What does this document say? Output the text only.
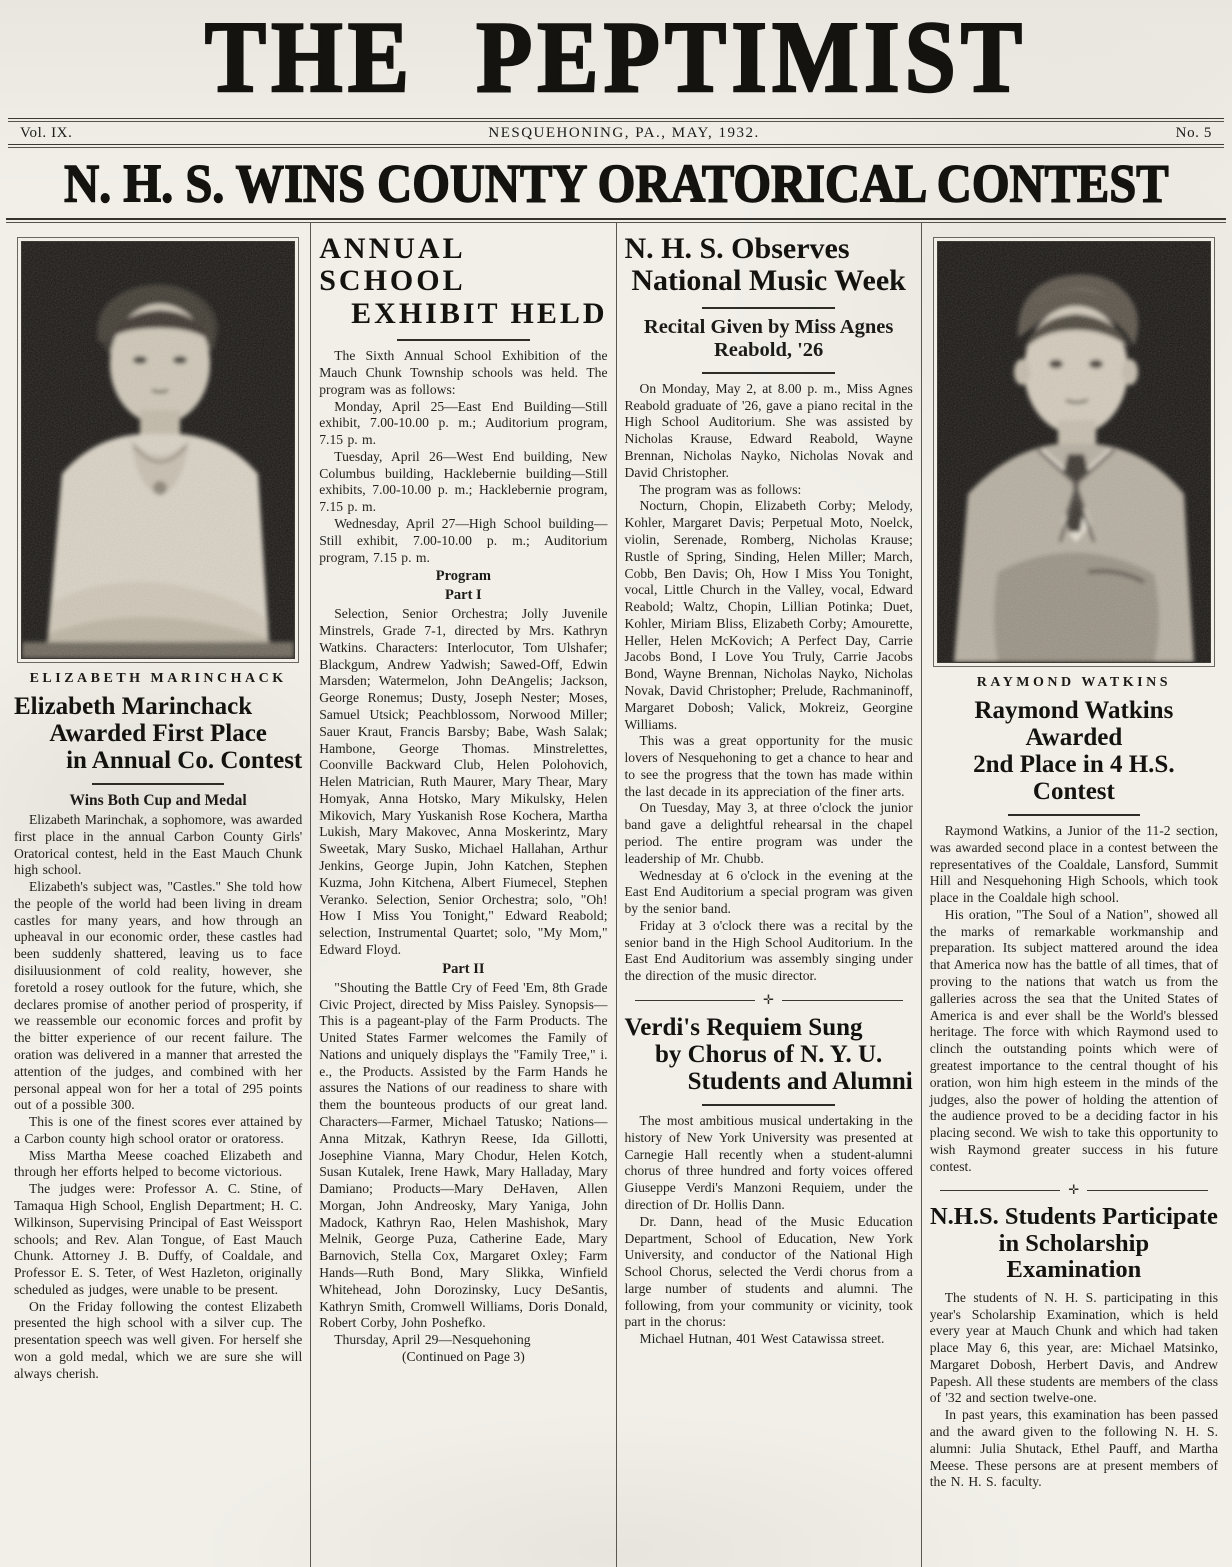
THE PEPTIMIST
Vol. IX.	NESQUEHONING, PA., MAY, 1932.	No. 5
N. H. S. WINS COUNTY ORATORICAL CONTEST
ELIZABETH MARINCHACK
Elizabeth Marinchack
Awarded First Place
in Annual Co. Contest
Wins Both Cup and Medal

Elizabeth Marinchak, a sophomore, was awarded first place in the annual Carbon County Girls' Oratorical contest, held in the East Mauch Chunk high school.

Elizabeth's subject was, "Castles." She told how the people of the world had been living in dream castles for many years, and how through an upheaval in our economic order, these castles had been suddenly shattered, leaving us to face disiluusionment of cold reality, however, she foretold a rosey outlook for the future, which, she declares promise of another period of prosperity, if we reassemble our economic forces and profit by the bitter experience of our recent failure. The oration was delivered in a manner that arrested the attention of the judges, and combined with her personal appeal won for her a total of 295 points out of a possible 300.

This is one of the finest scores ever attained by a Carbon county high school orator or oratoress.

Miss Martha Meese coached Elizabeth and through her efforts helped to become victorious.

The judges were: Professor A. C. Stine, of Tamaqua High School, English Department; H. C. Wilkinson, Supervising Principal of East Weissport schools; and Rev. Alan Tongue, of East Mauch Chunk. Attorney J. B. Duffy, of Coaldale, and Professor E. S. Teter, of West Hazleton, originally scheduled as judges, were unable to be present.

On the Friday following the contest Elizabeth presented the high school with a silver cup. The presentation speech was well given. For herself she won a gold medal, which we are sure she will always cherish.

ANNUAL SCHOOL
EXHIBIT HELD

The Sixth Annual School Exhibition of the Mauch Chunk Township schools was held. The program was as follows:

Monday, April 25—East End Building—Still exhibit, 7.00-10.00 p. m.; Auditorium program, 7.15 p. m.

Tuesday, April 26—West End building, New Columbus building, Hacklebernie building—Still exhibits, 7.00-10.00 p. m.; Hacklebernie program, 7.15 p. m.

Wednesday, April 27—High School building—Still exhibit, 7.00-10.00 p. m.; Auditorium program, 7.15 p. m.

Program
Part I

Selection, Senior Orchestra; Jolly Juvenile Minstrels, Grade 7-1, directed by Mrs. Kathryn Watkins. Characters: Interlocutor, Tom Ulshafer; Blackgum, Andrew Yadwish; Sawed-Off, Edwin Marsden; Watermelon, John DeAngelis; Jackson, George Ronemus; Dusty, Joseph Nester; Moses, Samuel Utsick; Peachblossom, Norwood Miller; Sauer Kraut, Francis Barsby; Babe, Wash Salak; Hambone, George Thomas. Minstrelettes, Coonville Backward Club, Helen Polohovich, Helen Matrician, Ruth Maurer, Mary Thear, Mary Homyak, Anna Hotsko, Mary Mikulsky, Helen Mikovich, Mary Yuskanish Rose Kochera, Martha Lukish, Mary Makovec, Anna Moskerintz, Mary Sweetak, Mary Susko, Michael Hallahan, Arthur Jenkins, George Jupin, John Katchen, Stephen Kuzma, John Kitchena, Albert Fiumecel, Stephen Veranko. Selection, Senior Orchestra; solo, "Oh! How I Miss You Tonight," Edward Reabold; selection, Instrumental Quartet; solo, "My Mom," Edward Floyd.

Part II

"Shouting the Battle Cry of Feed 'Em, 8th Grade Civic Project, directed by Miss Paisley. Synopsis—This is a pageant-play of the Farm Products. The United States Farmer welcomes the Family of Nations and uniquely displays the "Family Tree," i. e., the Products. Assisted by the Farm Hands he assures the Nations of our readiness to share with them the bounteous products of our great land. Characters—Farmer, Michael Tatusko; Nations—Anna Mitzak, Kathryn Reese, Ida Gillotti, Josephine Vianna, Mary Chodur, Helen Kotch, Susan Kutalek, Irene Hawk, Mary Halladay, Mary Damiano; Products—Mary DeHaven, Allen Morgan, John Andreosky, Mary Yaniga, John Madock, Kathryn Rao, Helen Mashishok, Mary Melnik, George Puza, Catherine Eade, Mary Barnovich, Stella Cox, Margaret Oxley; Farm Hands—Ruth Bond, Mary Slikka, Winfield Whitehead, John Dorozinsky, Lucy DeSantis, Kathryn Smith, Cromwell Williams, Doris Donald, Robert Corby, John Poshefko.

Thursday, April 29—Nesquehoning

(Continued on Page 3)

N. H. S. Observes
National Music Week
Recital Given by Miss Agnes
Reabold, '26

On Monday, May 2, at 8.00 p. m., Miss Agnes Reabold graduate of '26, gave a piano recital in the High School Auditorium. She was assisted by Nicholas Krause, Edward Reabold, Wayne Brennan, Nicholas Nayko, Nicholas Novak and David Christopher.

The program was as follows:

Nocturn, Chopin, Elizabeth Corby; Melody, Kohler, Margaret Davis; Perpetual Moto, Noelck, violin, Serenade, Romberg, Nicholas Krause; Rustle of Spring, Sinding, Helen Miller; March, Cobb, Ben Davis; Oh, How I Miss You Tonight, vocal, Little Church in the Valley, vocal, Edward Reabold; Waltz, Chopin, Lillian Potinka; Duet, Kohler, Miriam Bliss, Elizabeth Corby; Amourette, Heller, Helen McKovich; A Perfect Day, Carrie Jacobs Bond, I Love You Truly, Carrie Jacobs Bond, Wayne Brennan, Nicholas Nayko, Nicholas Novak, David Christopher; Prelude, Rachmaninoff, Margaret Dobosh; Valick, Mokreiz, Georgine Williams.

This was a great opportunity for the music lovers of Nesquehoning to get a chance to hear and to see the progress that the town has made within the last decade in its appreciation of the finer arts.

On Tuesday, May 3, at three o'clock the junior band gave a delightful rehearsal in the chapel period. The entire program was under the leadership of Mr. Chubb.

Wednesday at 6 o'clock in the evening at the East End Auditorium a special program was given by the senior band.

Friday at 3 o'clock there was a recital by the senior band in the High School Auditorium. In the East End Auditorium was assembly singing under the direction of the music director.

✛
Verdi's Requiem Sung
by Chorus of N. Y. U.
Students and Alumni

The most ambitious musical undertaking in the history of New York University was presented at Carnegie Hall recently when a student-alumni chorus of three hundred and forty voices offered Giuseppe Verdi's Manzoni Requiem, under the direction of Dr. Hollis Dann.

Dr. Dann, head of the Music Education Department, School of Education, New York University, and conductor of the National High School Chorus, selected the Verdi chorus from a large number of students and alumni. The following, from your community or vicinity, took part in the chorus:

Michael Hutnan, 401 West Catawissa street.

RAYMOND WATKINS
Raymond Watkins Awarded
2nd Place in 4 H.S. Contest

Raymond Watkins, a Junior of the 11-2 section, was awarded second place in a contest between the representatives of the Coaldale, Lansford, Summit Hill and Nesquehoning High Schools, which took place in the Coaldale high school.

His oration, "The Soul of a Nation", showed all the marks of remarkable workmanship and preparation. Its subject mattered around the idea that America now has the battle of all times, that of proving to the nations that watch us from the galleries across the sea that the United States of America is and ever shall be the World's blessed heritage. The force with which Raymond used to clinch the outstanding points which were of greatest importance to the central thought of his oration, won him high esteem in the minds of the judges, also the power of holding the attention of the audience proved to be a deciding factor in his placing second. We wish to take this opportunity to wish Raymond greater success in his future contest.

✛
N.H.S. Students Participate
in Scholarship Examination

The students of N. H. S. participating in this year's Scholarship Examination, which is held every year at Mauch Chunk and which had taken place May 6, this year, are: Michael Matsinko, Margaret Dobosh, Herbert Davis, and Andrew Papesh. All these students are members of the class of '32 and section twelve-one.

In past years, this examination has been passed and the award given to the following N. H. S. alumni: Julia Shutack, Ethel Pauff, and Martha Meese. These persons are at present members of the N. H. S. faculty.
